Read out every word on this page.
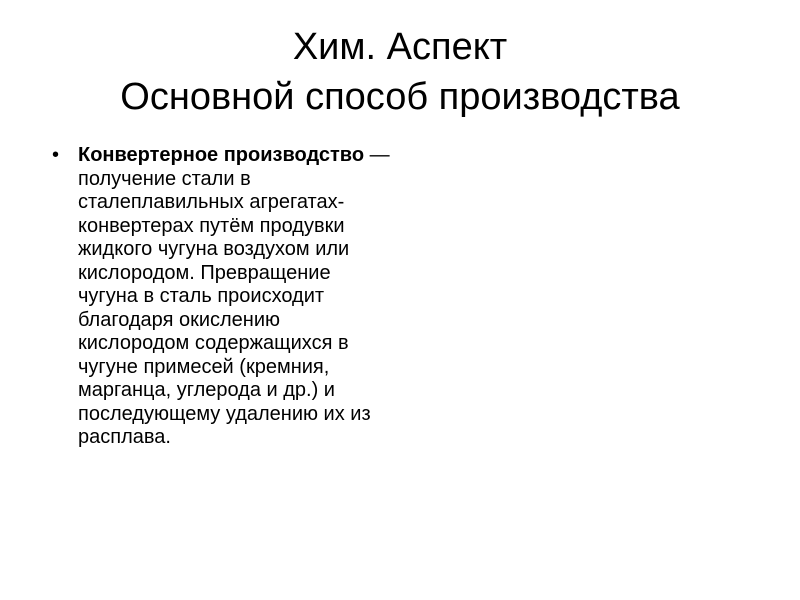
Хим. Аспект
Основной способ производства
• Конвертерное производство — получение стали в сталеплавильных агрегатах-конвертерах путём продувки жидкого чугуна воздухом или кислородом. Превращение чугуна в сталь происходит благодаря окислению кислородом содержащихся в чугуне примесей (кремния, марганца, углерода и др.) и последующему удалению их из расплава.
